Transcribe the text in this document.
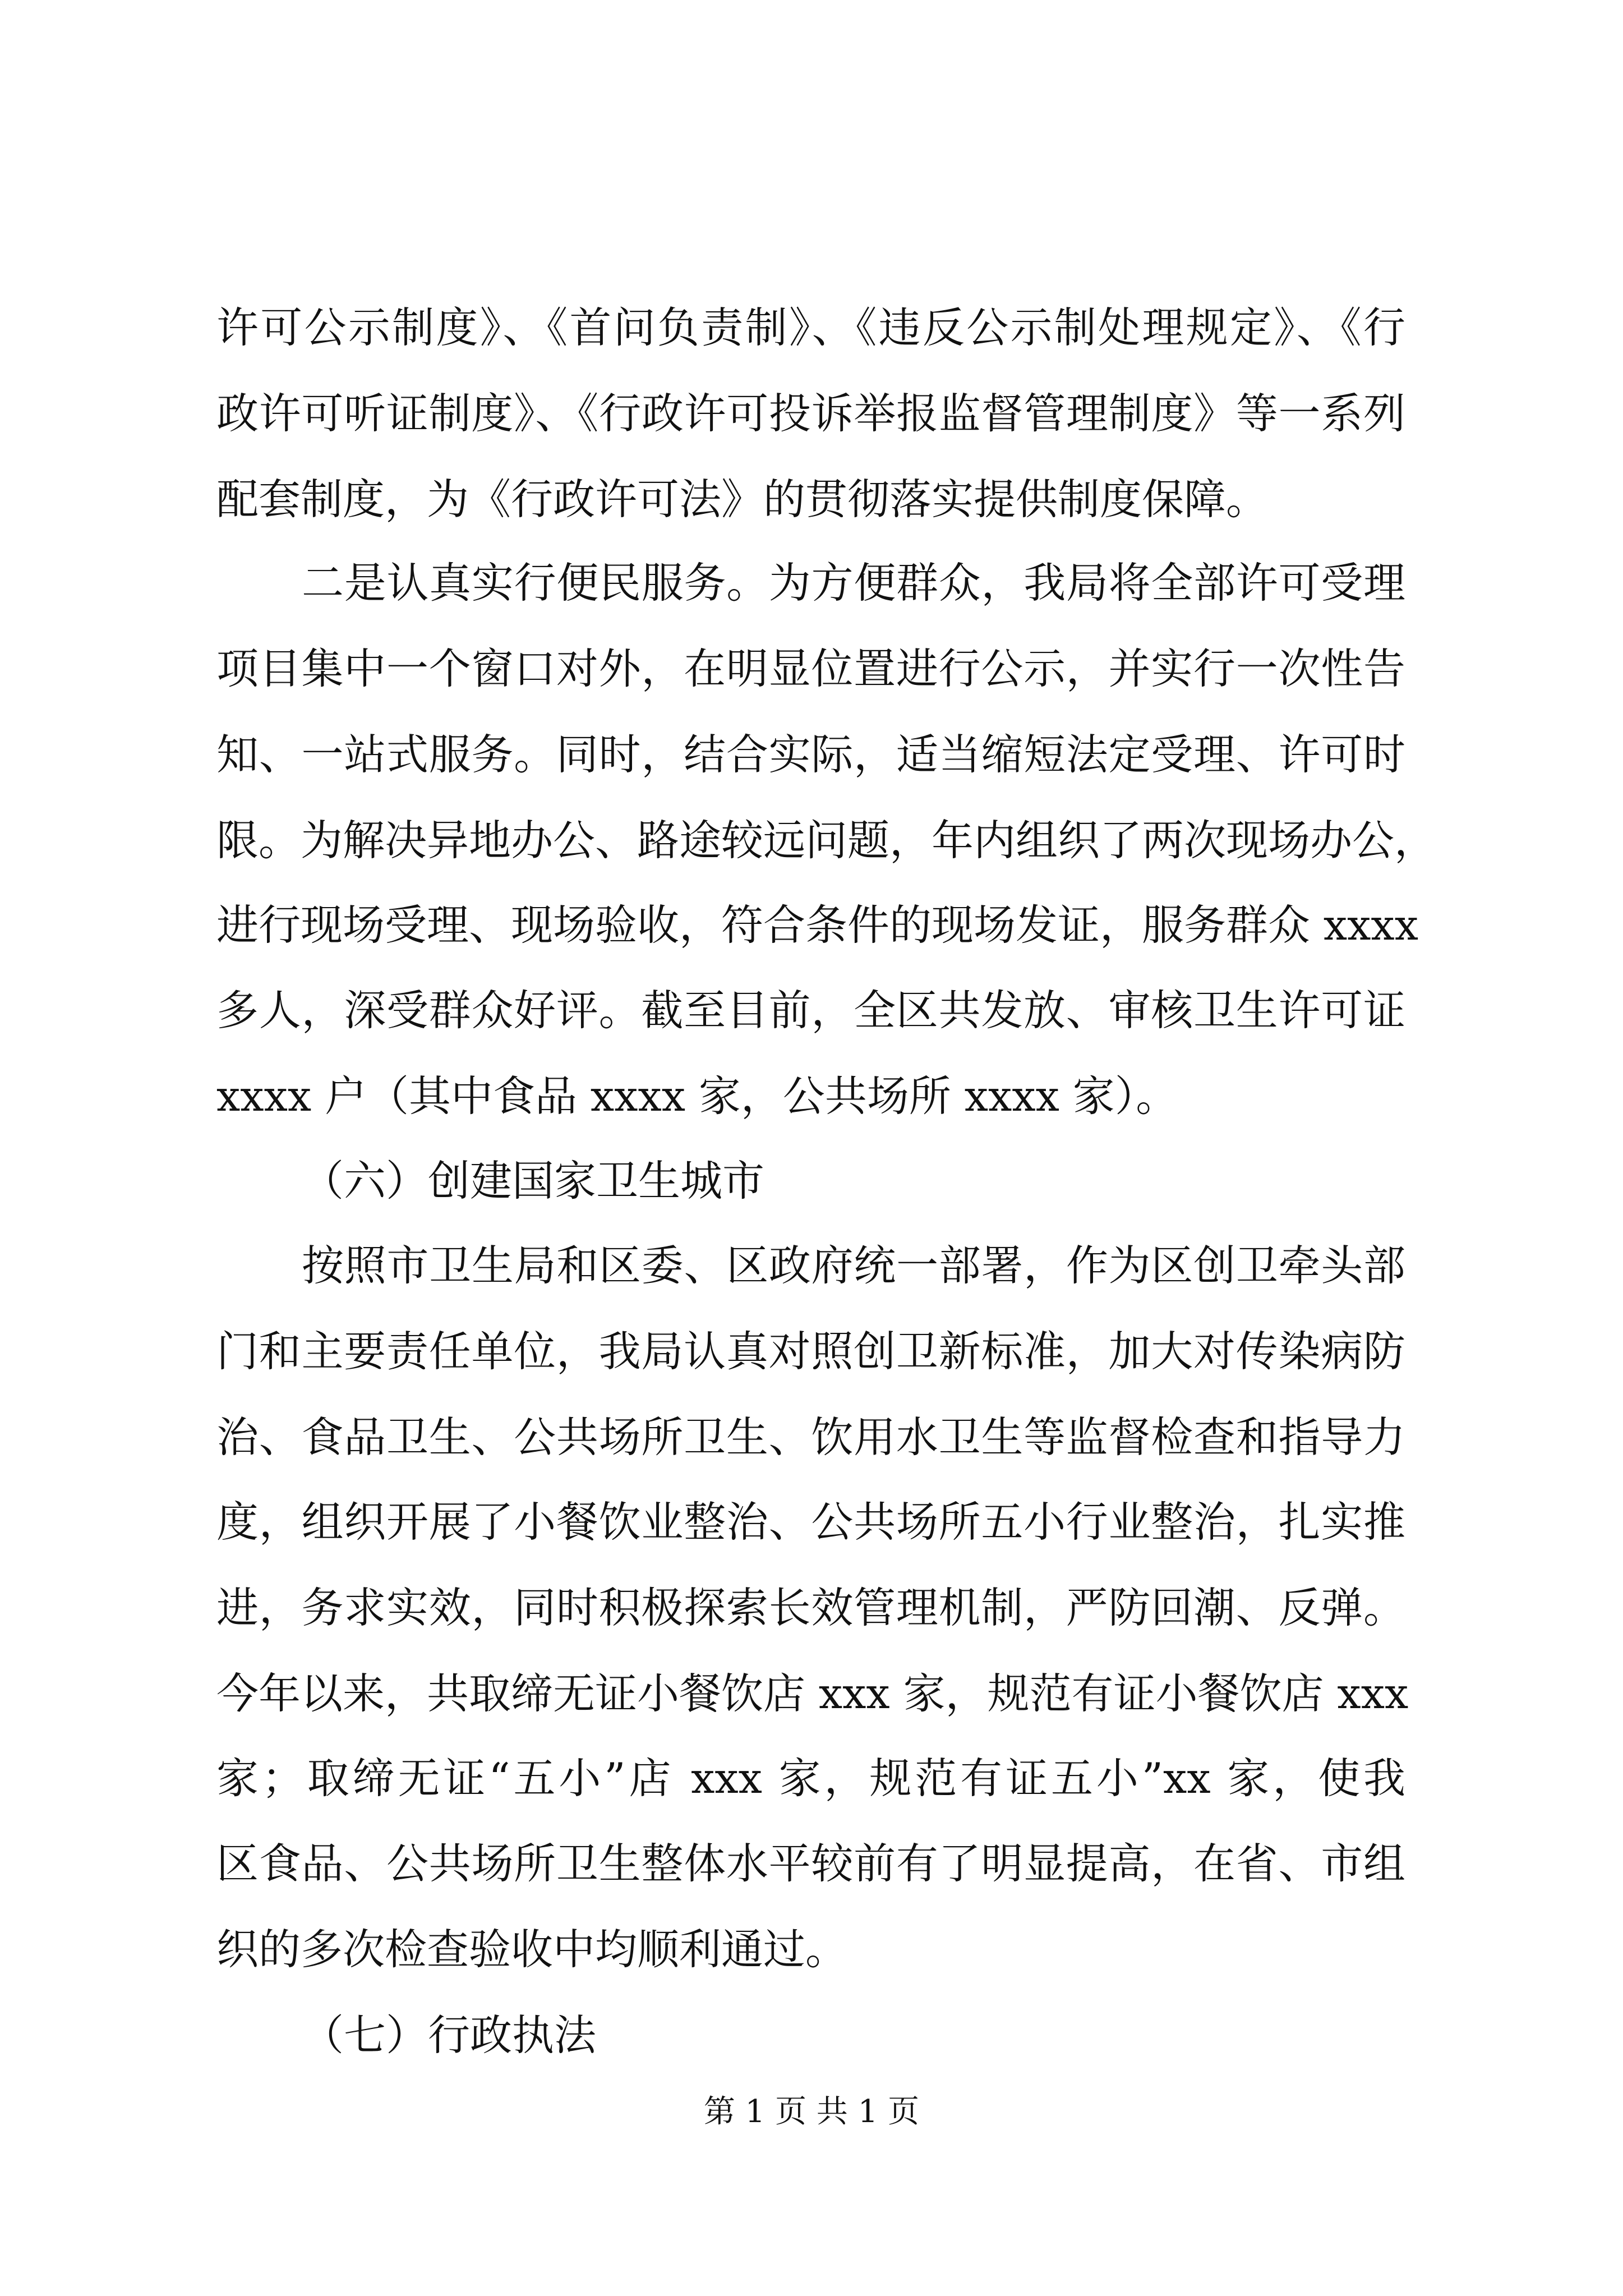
许可公示制度》、《首问负责制》、《违反公示制处理规定》、《行
政许可听证制度》、《行政许可投诉举报监督管理制度》等一系列
配套制度，为《行政许可法》的贯彻落实提供制度保障。
二是认真实行便民服务。为方便群众，我局将全部许可受理
项目集中一个窗口对外，在明显位置进行公示，并实行一次性告
知、一站式服务。同时，结合实际，适当缩短法定受理、许可时
限。为解决异地办公、路途较远问题，年内组织了两次现场办公，
进行现场受理、现场验收，符合条件的现场发证，服务群众 xxxx
多人，深受群众好评。截至目前，全区共发放、审核卫生许可证
xxxx 户（其中食品 xxxx 家，公共场所 xxxx 家）。
（六）创建国家卫生城市
按照市卫生局和区委、区政府统一部署，作为区创卫牵头部
门和主要责任单位，我局认真对照创卫新标准，加大对传染病防
治、食品卫生、公共场所卫生、饮用水卫生等监督检查和指导力
度，组织开展了小餐饮业整治、公共场所五小行业整治，扎实推
进，务求实效，同时积极探索长效管理机制，严防回潮、反弹。
今年以来，共取缔无证小餐饮店 xxx 家，规范有证小餐饮店 xxx
家；取缔无证“五小”店 xxx 家，规范有证五小”xx 家，使我
区食品、公共场所卫生整体水平较前有了明显提高，在省、市组
织的多次检查验收中均顺利通过。
（七）行政执法
第 1 页 共 1 页
